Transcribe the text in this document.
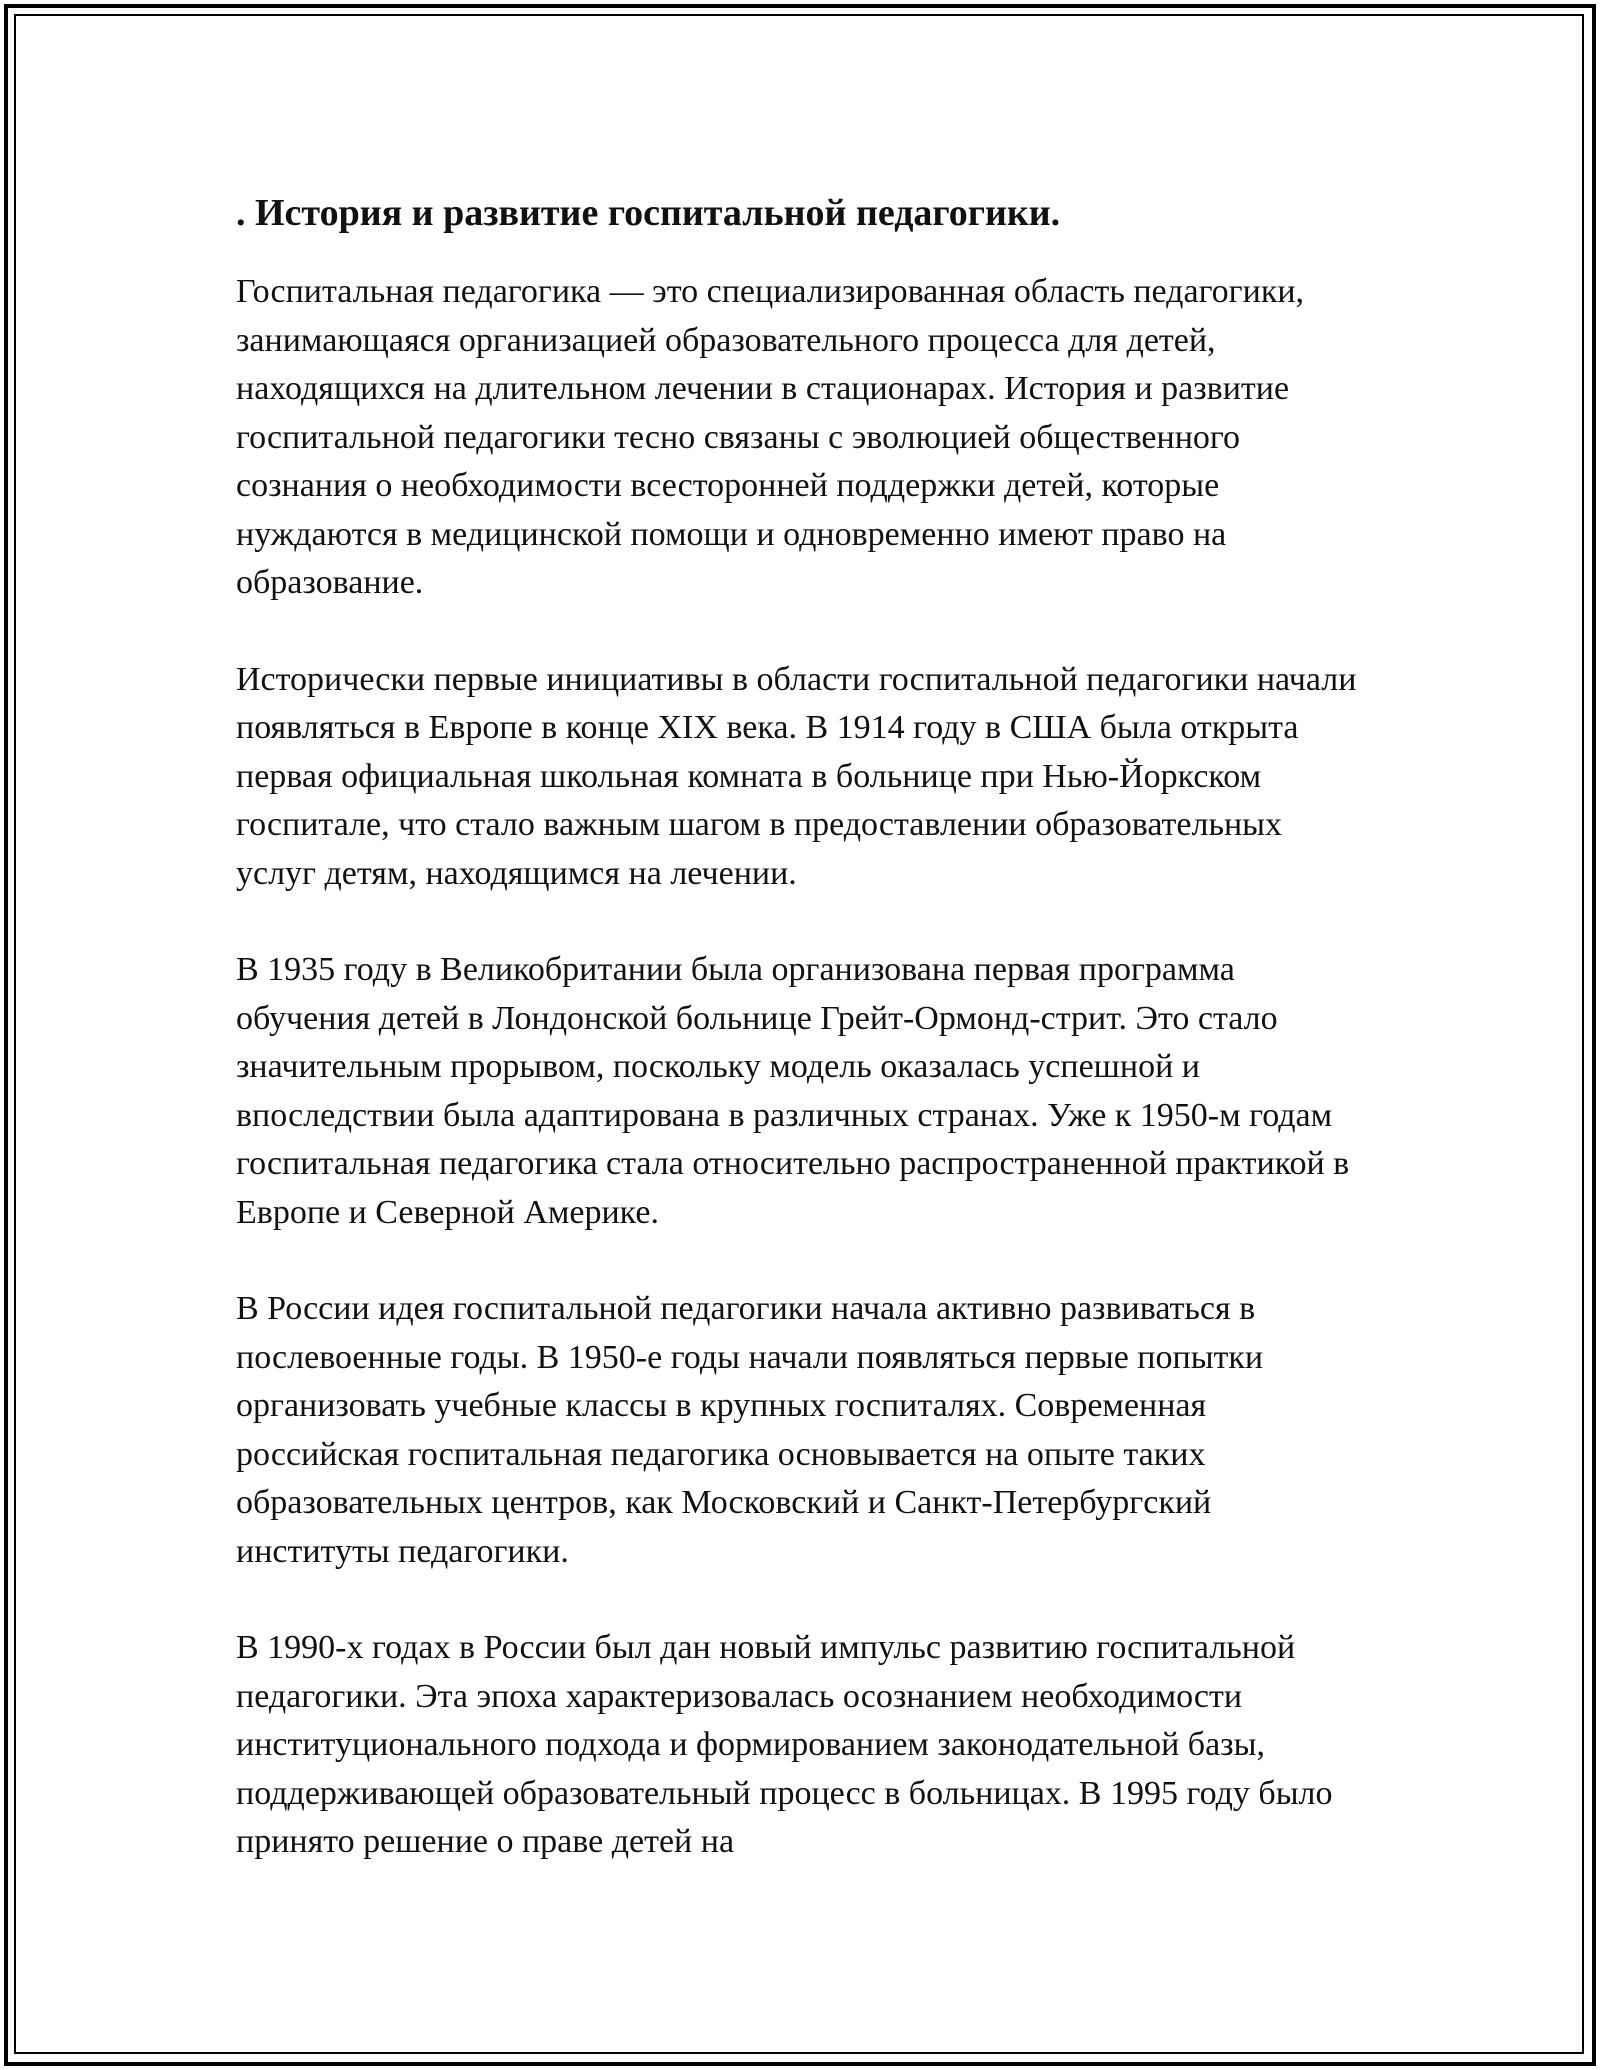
. История и развитие госпитальной педагогики.

Госпитальная педагогика — это специализированная область педагогики, занимающаяся организацией образовательного процесса для детей, находящихся на длительном лечении в стационарах. История и развитие госпитальной педагогики тесно связаны с эволюцией общественного сознания о необходимости всесторонней поддержки детей, которые нуждаются в медицинской помощи и одновременно имеют право на образование.

Исторически первые инициативы в области госпитальной педагогики начали появляться в Европе в конце XIX века. В 1914 году в США была открыта первая официальная школьная комната в больнице при Нью-Йоркском госпитале, что стало важным шагом в предоставлении образовательных услуг детям, находящимся на лечении.

В 1935 году в Великобритании была организована первая программа обучения детей в Лондонской больнице Грейт-Ормонд-стрит. Это стало значительным прорывом, поскольку модель оказалась успешной и впоследствии была адаптирована в различных странах. Уже к 1950-м годам госпитальная педагогика стала относительно распространенной практикой в Европе и Северной Америке.

В России идея госпитальной педагогики начала активно развиваться в послевоенные годы. В 1950-е годы начали появляться первые попытки организовать учебные классы в крупных госпиталях. Современная российская госпитальная педагогика основывается на опыте таких образовательных центров, как Московский и Санкт-Петербургский институты педагогики.

В 1990-х годах в России был дан новый импульс развитию госпитальной педагогики. Эта эпоха характеризовалась осознанием необходимости институционального подхода и формированием законодательной базы, поддерживающей образовательный процесс в больницах. В 1995 году было принято решение о праве детей на
